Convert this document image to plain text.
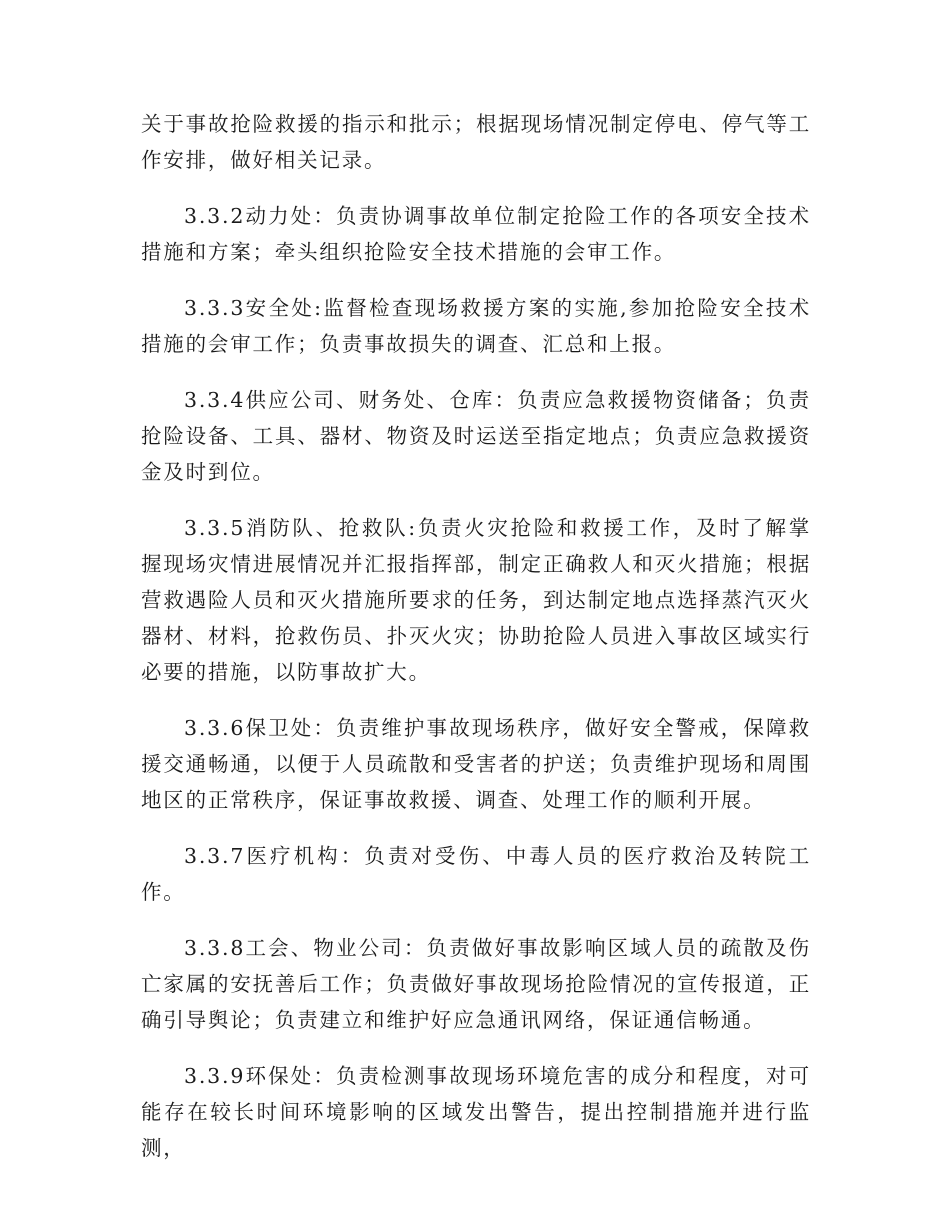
关于事故抢险救援的指示和批示；根据现场情况制定停电、停气等工作安排，做好相关记录。

3.3.2动力处：负责协调事故单位制定抢险工作的各项安全技术措施和方案；牵头组织抢险安全技术措施的会审工作。

3.3.3安全处:监督检查现场救援方案的实施,参加抢险安全技术措施的会审工作；负责事故损失的调查、汇总和上报。

3.3.4供应公司、财务处、仓库：负责应急救援物资储备；负责抢险设备、工具、器材、物资及时运送至指定地点；负责应急救援资金及时到位。

3.3.5消防队、抢救队:负责火灾抢险和救援工作，及时了解掌握现场灾情进展情况并汇报指挥部，制定正确救人和灭火措施；根据营救遇险人员和灭火措施所要求的任务，到达制定地点选择蒸汽灭火器材、材料，抢救伤员、扑灭火灾；协助抢险人员进入事故区域实行必要的措施，以防事故扩大。

3.3.6保卫处：负责维护事故现场秩序，做好安全警戒，保障救援交通畅通，以便于人员疏散和受害者的护送；负责维护现场和周围地区的正常秩序，保证事故救援、调查、处理工作的顺利开展。

3.3.7医疗机构：负责对受伤、中毒人员的医疗救治及转院工作。

3.3.8工会、物业公司：负责做好事故影响区域人员的疏散及伤亡家属的安抚善后工作；负责做好事故现场抢险情况的宣传报道，正确引导舆论；负责建立和维护好应急通讯网络，保证通信畅通。

3.3.9环保处：负责检测事故现场环境危害的成分和程度，对可能存在较长时间环境影响的区域发出警告，提出控制措施并进行监测，
